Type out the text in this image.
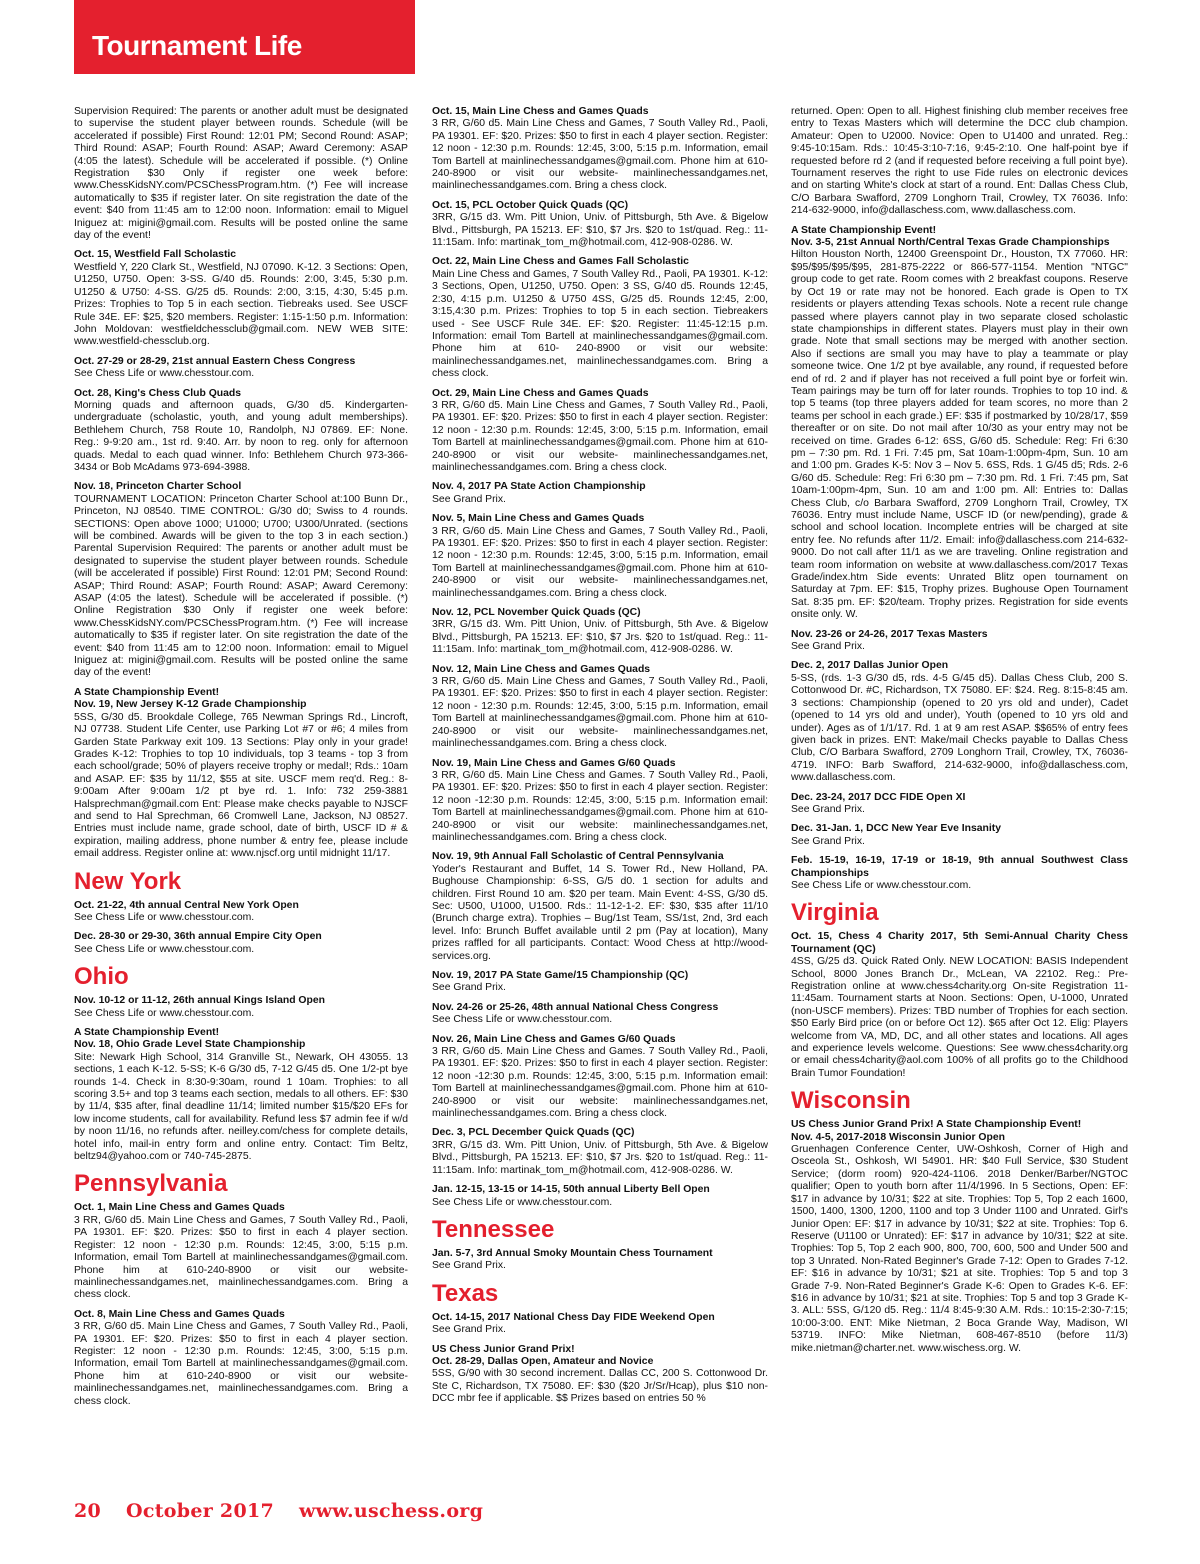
Tournament Life
Supervision Required: The parents or another adult must be designated to supervise the student player between rounds. Schedule (will be accelerated if possible) First Round: 12:01 PM; Second Round: ASAP; Third Round: ASAP; Fourth Round: ASAP; Award Ceremony: ASAP (4:05 the latest). Schedule will be accelerated if possible. (*) Online Registration $30 Only if register one week before: www.ChessKidsNY.com/PCSChessProgram.htm. (*) Fee will increase automatically to $35 if register later. On site registration the date of the event: $40 from 11:45 am to 12:00 noon. Information: email to Miguel Iniguez at: migini@gmail.com. Results will be posted online the same day of the event!
Oct. 15, Westfield Fall Scholastic
Westfield Y, 220 Clark St., Westfield, NJ 07090. K-12. 3 Sections: Open, U1250, U750. Open: 3-SS. G/40 d5. Rounds: 2:00, 3:45, 5:30 p.m. U1250 & U750: 4-SS. G/25 d5. Rounds: 2:00, 3:15, 4:30, 5:45 p.m. Prizes: Trophies to Top 5 in each section. Tiebreaks used. See USCF Rule 34E. EF: $25, $20 members. Register: 1:15-1:50 p.m. Information: John Moldovan: westfieldchessclub@gmail.com. NEW WEB SITE: www.westfield-chessclub.org.
Oct. 27-29 or 28-29, 21st annual Eastern Chess Congress
See Chess Life or www.chesstour.com.
Oct. 28, King's Chess Club Quads
Morning quads and afternoon quads, G/30 d5. Kindergarten-undergraduate (scholastic, youth, and young adult memberships). Bethlehem Church, 758 Route 10, Randolph, NJ 07869. EF: None. Reg.: 9-9:20 am., 1st rd. 9:40. Arr. by noon to reg. only for afternoon quads. Medal to each quad winner. Info: Bethlehem Church 973-366-3434 or Bob McAdams 973-694-3988.
Nov. 18, Princeton Charter School
TOURNAMENT LOCATION: Princeton Charter School at:100 Bunn Dr., Princeton, NJ 08540. TIME CONTROL: G/30 d0; Swiss to 4 rounds. SECTIONS: Open above 1000; U1000; U700; U300/Unrated. (sections will be combined. Awards will be given to the top 3 in each section.) Parental Supervision Required: The parents or another adult must be designated to supervise the student player between rounds. Schedule (will be accelerated if possible) First Round: 12:01 PM; Second Round: ASAP; Third Round: ASAP; Fourth Round: ASAP; Award Ceremony: ASAP (4:05 the latest). Schedule will be accelerated if possible. (*) Online Registration $30 Only if register one week before: www.ChessKidsNY.com/PCSChessProgram.htm. (*) Fee will increase automatically to $35 if register later. On site registration the date of the event: $40 from 11:45 am to 12:00 noon. Information: email to Miguel Iniguez at: migini@gmail.com. Results will be posted online the same day of the event!
A State Championship Event!
Nov. 19, New Jersey K-12 Grade Championship
5SS, G/30 d5. Brookdale College, 765 Newman Springs Rd., Lincroft, NJ 07738. Student Life Center, use Parking Lot #7 or #6; 4 miles from Garden State Parkway exit 109. 13 Sections: Play only in your grade! Grades K-12: Trophies to top 10 individuals, top 3 teams - top 3 from each school/grade; 50% of players receive trophy or medal!; Rds.: 10am and ASAP. EF: $35 by 11/12, $55 at site. USCF mem req'd. Reg.: 8-9:00am After 9:00am 1/2 pt bye rd. 1. Info: 732 259-3881 Halsprechman@gmail.com Ent: Please make checks payable to NJSCF and send to Hal Sprechman, 66 Cromwell Lane, Jackson, NJ 08527. Entries must include name, grade school, date of birth, USCF ID # & expiration, mailing address, phone number & entry fee, please include email address. Register online at: www.njscf.org until midnight 11/17.
New York
Oct. 21-22, 4th annual Central New York Open
See Chess Life or www.chesstour.com.
Dec. 28-30 or 29-30, 36th annual Empire City Open
See Chess Life or www.chesstour.com.
Ohio
Nov. 10-12 or 11-12, 26th annual Kings Island Open
See Chess Life or www.chesstour.com.
A State Championship Event!
Nov. 18, Ohio Grade Level State Championship
Site: Newark High School, 314 Granville St., Newark, OH 43055. 13 sections, 1 each K-12. 5-SS; K-6 G/30 d5, 7-12 G/45 d5. One 1/2-pt bye rounds 1-4. Check in 8:30-9:30am, round 1 10am. Trophies: to all scoring 3.5+ and top 3 teams each section, medals to all others. EF: $30 by 11/4, $35 after, final deadline 11/14; limited number $15/$20 EFs for low income students, call for availability. Refund less $7 admin fee if w/d by noon 11/16, no refunds after. neilley.com/chess for complete details, hotel info, mail-in entry form and online entry. Contact: Tim Beltz, beltz94@yahoo.com or 740-745-2875.
Pennsylvania
Oct. 1, Main Line Chess and Games Quads
3 RR, G/60 d5. Main Line Chess and Games, 7 South Valley Rd., Paoli, PA 19301. EF: $20. Prizes: $50 to first in each 4 player section. Register: 12 noon - 12:30 p.m. Rounds: 12:45, 3:00, 5:15 p.m. Information, email Tom Bartell at mainlinechessandgames@gmail.com. Phone him at 610-240-8900 or visit our website- mainlinechessandgames.net, mainlinechessandgames.com. Bring a chess clock.
Oct. 8, Main Line Chess and Games Quads
3 RR, G/60 d5. Main Line Chess and Games, 7 South Valley Rd., Paoli, PA 19301. EF: $20. Prizes: $50 to first in each 4 player section. Register: 12 noon - 12:30 p.m. Rounds: 12:45, 3:00, 5:15 p.m. Information, email Tom Bartell at mainlinechessandgames@gmail.com. Phone him at 610-240-8900 or visit our website- mainlinechessandgames.net, mainlinechessandgames.com. Bring a chess clock.
Oct. 15, Main Line Chess and Games Quads
3 RR, G/60 d5. Main Line Chess and Games, 7 South Valley Rd., Paoli, PA 19301. EF: $20. Prizes: $50 to first in each 4 player section. Register: 12 noon - 12:30 p.m. Rounds: 12:45, 3:00, 5:15 p.m. Information, email Tom Bartell at mainlinechessandgames@gmail.com. Phone him at 610-240-8900 or visit our website- mainlinechessandgames.net, mainlinechessandgames.com. Bring a chess clock.
Oct. 15, PCL October Quick Quads (QC)
3RR, G/15 d3. Wm. Pitt Union, Univ. of Pittsburgh, 5th Ave. & Bigelow Blvd., Pittsburgh, PA 15213. EF: $10, $7 Jrs. $20 to 1st/quad. Reg.: 11-11:15am. Info: martinak_tom_m@hotmail.com, 412-908-0286. W.
Oct. 22, Main Line Chess and Games Fall Scholastic
Main Line Chess and Games, 7 South Valley Rd., Paoli, PA 19301. K-12: 3 Sections, Open, U1250, U750. Open: 3 SS, G/40 d5. Rounds 12:45, 2:30, 4:15 p.m. U1250 & U750 4SS, G/25 d5. Rounds 12:45, 2:00, 3:15,4:30 p.m. Prizes: Trophies to top 5 in each section. Tiebreakers used - See USCF Rule 34E. EF: $20. Register: 11:45-12:15 p.m. Information: email Tom Bartell at mainlinechessandgames@gmail.com. Phone him at 610- 240-8900 or visit our website: mainlinechessandgames.net, mainlinechessandgames.com. Bring a chess clock.
Oct. 29, Main Line Chess and Games Quads
3 RR, G/60 d5. Main Line Chess and Games, 7 South Valley Rd., Paoli, PA 19301. EF: $20. Prizes: $50 to first in each 4 player section. Register: 12 noon - 12:30 p.m. Rounds: 12:45, 3:00, 5:15 p.m. Information, email Tom Bartell at mainlinechessandgames@gmail.com. Phone him at 610-240-8900 or visit our website- mainlinechessandgames.net, mainlinechessandgames.com. Bring a chess clock.
Nov. 4, 2017 PA State Action Championship
See Grand Prix.
Nov. 5, Main Line Chess and Games Quads
3 RR, G/60 d5. Main Line Chess and Games, 7 South Valley Rd., Paoli, PA 19301. EF: $20. Prizes: $50 to first in each 4 player section. Register: 12 noon - 12:30 p.m. Rounds: 12:45, 3:00, 5:15 p.m. Information, email Tom Bartell at mainlinechessandgames@gmail.com. Phone him at 610-240-8900 or visit our website- mainlinechessandgames.net, mainlinechessandgames.com. Bring a chess clock.
Nov. 12, PCL November Quick Quads (QC)
3RR, G/15 d3. Wm. Pitt Union, Univ. of Pittsburgh, 5th Ave. & Bigelow Blvd., Pittsburgh, PA 15213. EF: $10, $7 Jrs. $20 to 1st/quad. Reg.: 11-11:15am. Info: martinak_tom_m@hotmail.com, 412-908-0286. W.
Nov. 12, Main Line Chess and Games Quads
3 RR, G/60 d5. Main Line Chess and Games, 7 South Valley Rd., Paoli, PA 19301. EF: $20. Prizes: $50 to first in each 4 player section. Register: 12 noon - 12:30 p.m. Rounds: 12:45, 3:00, 5:15 p.m. Information, email Tom Bartell at mainlinechessandgames@gmail.com. Phone him at 610-240-8900 or visit our website- mainlinechessandgames.net, mainlinechessandgames.com. Bring a chess clock.
Nov. 19, Main Line Chess and Games G/60 Quads
3 RR, G/60 d5. Main Line Chess and Games. 7 South Valley Rd., Paoli, PA 19301. EF: $20. Prizes: $50 to first in each 4 player section. Register: 12 noon -12:30 p.m. Rounds: 12:45, 3:00, 5:15 p.m. Information email: Tom Bartell at mainlinechessandgames@gmail.com. Phone him at 610-240-8900 or visit our website: mainlinechessandgames.net, mainlinechessandgames.com. Bring a chess clock.
Nov. 19, 9th Annual Fall Scholastic of Central Pennsylvania
Yoder's Restaurant and Buffet, 14 S. Tower Rd., New Holland, PA. Bughouse Championship: 6-SS, G/5 d0. 1 section for adults and children. First Round 10 am. $20 per team. Main Event: 4-SS, G/30 d5. Sec: U500, U1000, U1500. Rds.: 11-12-1-2. EF: $30, $35 after 11/10 (Brunch charge extra). Trophies – Bug/1st Team, SS/1st, 2nd, 3rd each level. Info: Brunch Buffet available until 2 pm (Pay at location), Many prizes raffled for all participants. Contact: Wood Chess at http://wood-services.org.
Nov. 19, 2017 PA State Game/15 Championship (QC)
See Grand Prix.
Nov. 24-26 or 25-26, 48th annual National Chess Congress
See Chess Life or www.chesstour.com.
Nov. 26, Main Line Chess and Games G/60 Quads
3 RR, G/60 d5. Main Line Chess and Games. 7 South Valley Rd., Paoli, PA 19301. EF: $20. Prizes: $50 to first in each 4 player section. Register: 12 noon -12:30 p.m. Rounds: 12:45, 3:00, 5:15 p.m. Information email: Tom Bartell at mainlinechessandgames@gmail.com. Phone him at 610-240-8900 or visit our website: mainlinechessandgames.net, mainlinechessandgames.com. Bring a chess clock.
Dec. 3, PCL December Quick Quads (QC)
3RR, G/15 d3. Wm. Pitt Union, Univ. of Pittsburgh, 5th Ave. & Bigelow Blvd., Pittsburgh, PA 15213. EF: $10, $7 Jrs. $20 to 1st/quad. Reg.: 11-11:15am. Info: martinak_tom_m@hotmail.com, 412-908-0286. W.
Jan. 12-15, 13-15 or 14-15, 50th annual Liberty Bell Open
See Chess Life or www.chesstour.com.
Tennessee
Jan. 5-7, 3rd Annual Smoky Mountain Chess Tournament
See Grand Prix.
Texas
Oct. 14-15, 2017 National Chess Day FIDE Weekend Open
See Grand Prix.
US Chess Junior Grand Prix!
Oct. 28-29, Dallas Open, Amateur and Novice
5SS, G/90 with 30 second increment. Dallas CC, 200 S. Cottonwood Dr. Ste C, Richardson, TX 75080. EF: $30 ($20 Jr/Sr/Hcap), plus $10 non-DCC mbr fee if applicable. $$ Prizes based on entries 50 %
returned. Open: Open to all. Highest finishing club member receives free entry to Texas Masters which will determine the DCC club champion. Amateur: Open to U2000. Novice: Open to U1400 and unrated. Reg.: 9:45-10:15am. Rds.: 10:45-3:10-7:16, 9:45-2:10. One half-point bye if requested before rd 2 (and if requested before receiving a full point bye). Tournament reserves the right to use Fide rules on electronic devices and on starting White's clock at start of a round. Ent: Dallas Chess Club, C/O Barbara Swafford, 2709 Longhorn Trail, Crowley, TX 76036. Info: 214-632-9000, info@dallaschess.com, www.dallaschess.com.
A State Championship Event!
Nov. 3-5, 21st Annual North/Central Texas Grade Championships
Hilton Houston North, 12400 Greenspoint Dr., Houston, TX 77060. HR: $95/$95/$95/$95, 281-875-2222 or 866-577-1154. Mention "NTGC" group code to get rate. Room comes with 2 breakfast coupons. Reserve by Oct 19 or rate may not be honored. Each grade is Open to TX residents or players attending Texas schools. Note a recent rule change passed where players cannot play in two separate closed scholastic state championships in different states. Players must play in their own grade. Note that small sections may be merged with another section. Also if sections are small you may have to play a teammate or play someone twice. One 1/2 pt bye available, any round, if requested before end of rd. 2 and if player has not received a full point bye or forfeit win. Team pairings may be turn off for later rounds. Trophies to top 10 ind. & top 5 teams (top three players added for team scores, no more than 2 teams per school in each grade.) EF: $35 if postmarked by 10/28/17, $59 thereafter or on site. Do not mail after 10/30 as your entry may not be received on time. Grades 6-12: 6SS, G/60 d5. Schedule: Reg: Fri 6:30 pm – 7:30 pm. Rd. 1 Fri. 7:45 pm, Sat 10am-1:00pm-4pm, Sun. 10 am and 1:00 pm. Grades K-5: Nov 3 – Nov 5. 6SS, Rds. 1 G/45 d5; Rds. 2-6 G/60 d5. Schedule: Reg: Fri 6:30 pm – 7:30 pm. Rd. 1 Fri. 7:45 pm, Sat 10am-1:00pm-4pm, Sun. 10 am and 1:00 pm. All: Entries to: Dallas Chess Club, c/o Barbara Swafford, 2709 Longhorn Trail, Crowley, TX 76036. Entry must include Name, USCF ID (or new/pending), grade & school and school location. Incomplete entries will be charged at site entry fee. No refunds after 11/2. Email: info@dallaschess.com 214-632-9000. Do not call after 11/1 as we are traveling. Online registration and team room information on website at www.dallaschess.com/2017 Texas Grade/index.htm Side events: Unrated Blitz open tournament on Saturday at 7pm. EF: $15, Trophy prizes. Bughouse Open Tournament Sat. 8:35 pm. EF: $20/team. Trophy prizes. Registration for side events onsite only. W.
Nov. 23-26 or 24-26, 2017 Texas Masters
See Grand Prix.
Dec. 2, 2017 Dallas Junior Open
5-SS, (rds. 1-3 G/30 d5, rds. 4-5 G/45 d5). Dallas Chess Club, 200 S. Cottonwood Dr. #C, Richardson, TX 75080. EF: $24. Reg. 8:15-8:45 am. 3 sections: Championship (opened to 20 yrs old and under), Cadet (opened to 14 yrs old and under), Youth (opened to 10 yrs old and under). Ages as of 1/1/17. Rd. 1 at 9 am rest ASAP. $$65% of entry fees given back in prizes. ENT: Make/mail Checks payable to Dallas Chess Club, C/O Barbara Swafford, 2709 Longhorn Trail, Crowley, TX, 76036-4719. INFO: Barb Swafford, 214-632-9000, info@dallaschess.com, www.dallaschess.com.
Dec. 23-24, 2017 DCC FIDE Open XI
See Grand Prix.
Dec. 31-Jan. 1, DCC New Year Eve Insanity
See Grand Prix.
Feb. 15-19, 16-19, 17-19 or 18-19, 9th annual Southwest Class Championships
See Chess Life or www.chesstour.com.
Virginia
Oct. 15, Chess 4 Charity 2017, 5th Semi-Annual Charity Chess Tournament (QC)
4SS, G/25 d3. Quick Rated Only. NEW LOCATION: BASIS Independent School, 8000 Jones Branch Dr., McLean, VA 22102. Reg.: Pre-Registration online at www.chess4charity.org On-site Registration 11-11:45am. Tournament starts at Noon. Sections: Open, U-1000, Unrated (non-USCF members). Prizes: TBD number of Trophies for each section. $50 Early Bird price (on or before Oct 12). $65 after Oct 12. Elig: Players welcome from VA, MD, DC, and all other states and locations. All ages and experience levels welcome. Questions: See www.chess4charity.org or email chess4charity@aol.com 100% of all profits go to the Childhood Brain Tumor Foundation!
Wisconsin
US Chess Junior Grand Prix! A State Championship Event!
Nov. 4-5, 2017-2018 Wisconsin Junior Open
Gruenhagen Conference Center, UW-Oshkosh, Corner of High and Osceola St., Oshkosh, WI 54901. HR: $40 Full Service, $30 Student Service; (dorm room) 920-424-1106. 2018 Denker/Barber/NGTOC qualifier; Open to youth born after 11/4/1996. In 5 Sections, Open: EF: $17 in advance by 10/31; $22 at site. Trophies: Top 5, Top 2 each 1600, 1500, 1400, 1300, 1200, 1100 and top 3 Under 1100 and Unrated. Girl's Junior Open: EF: $17 in advance by 10/31; $22 at site. Trophies: Top 6. Reserve (U1100 or Unrated): EF: $17 in advance by 10/31; $22 at site. Trophies: Top 5, Top 2 each 900, 800, 700, 600, 500 and Under 500 and top 3 Unrated. Non-Rated Beginner's Grade 7-12: Open to Grades 7-12. EF: $16 in advance by 10/31; $21 at site. Trophies: Top 5 and top 3 Grade 7-9. Non-Rated Beginner's Grade K-6: Open to Grades K-6. EF: $16 in advance by 10/31; $21 at site. Trophies: Top 5 and top 3 Grade K-3. ALL: 5SS, G/120 d5. Reg.: 11/4 8:45-9:30 A.M. Rds.: 10:15-2:30-7:15; 10:00-3:00. ENT: Mike Nietman, 2 Boca Grande Way, Madison, WI 53719. INFO: Mike Nietman, 608-467-8510 (before 11/3) mike.nietman@charter.net. www.wischess.org. W.
20 October 2017 www.uschess.org
